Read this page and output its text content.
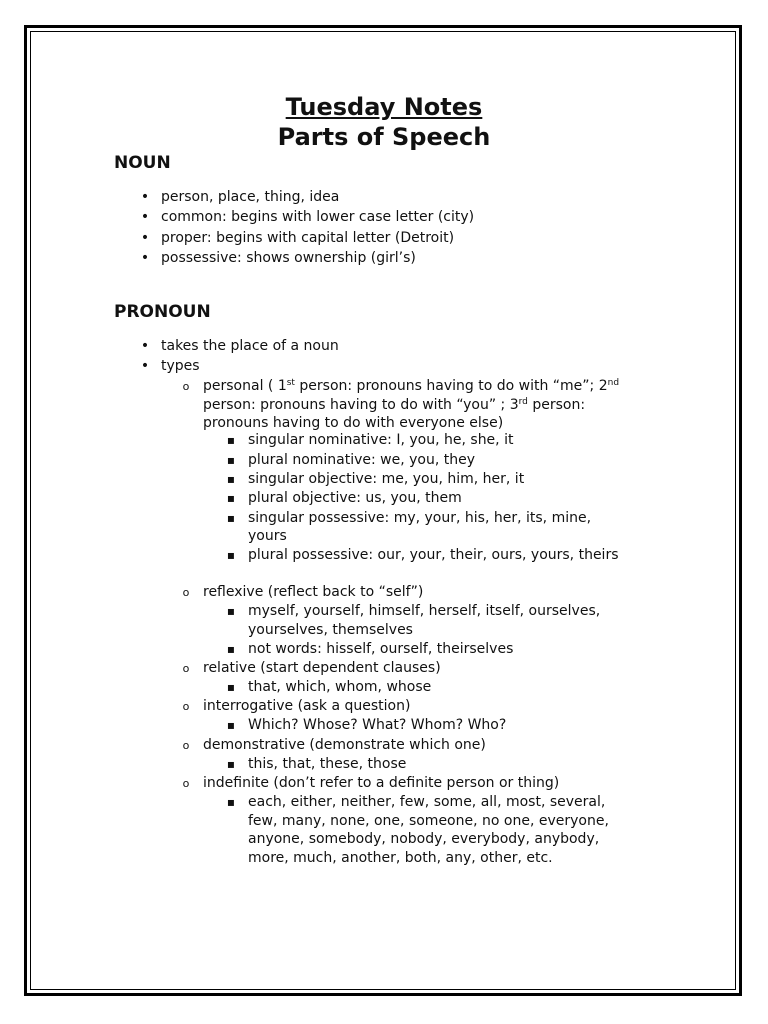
Tuesday Notes
Parts of Speech
NOUN
•
person, place, thing, idea
•
common: begins with lower case letter (city)
•
proper: begins with capital letter (Detroit)
•
possessive: shows ownership (girl’s)
PRONOUN
•
takes the place of a noun
•
types
o
personal ( 1st person: pronouns having to do with “me”; 2nd
person: pronouns having to do with “you” ; 3rd person:
pronouns having to do with everyone else)
▪
singular nominative: I, you, he, she, it
▪
plural nominative: we, you, they
▪
singular objective: me, you, him, her, it
▪
plural objective: us, you, them
▪
singular possessive: my, your, his, her, its, mine,
yours
▪
plural possessive: our, your, their, ours, yours, theirs
o
reflexive (reflect back to “self”)
▪
myself, yourself, himself, herself, itself, ourselves,
yourselves, themselves
▪
not words: hisself, ourself, theirselves
o
relative (start dependent clauses)
▪
that, which, whom, whose
o
interrogative (ask a question)
▪
Which? Whose? What? Whom? Who?
o
demonstrative (demonstrate which one)
▪
this, that, these, those
o
indefinite (don’t refer to a definite person or thing)
▪
each, either, neither, few, some, all, most, several,
few, many, none, one, someone, no one, everyone,
anyone, somebody, nobody, everybody, anybody,
more, much, another, both, any, other, etc.
